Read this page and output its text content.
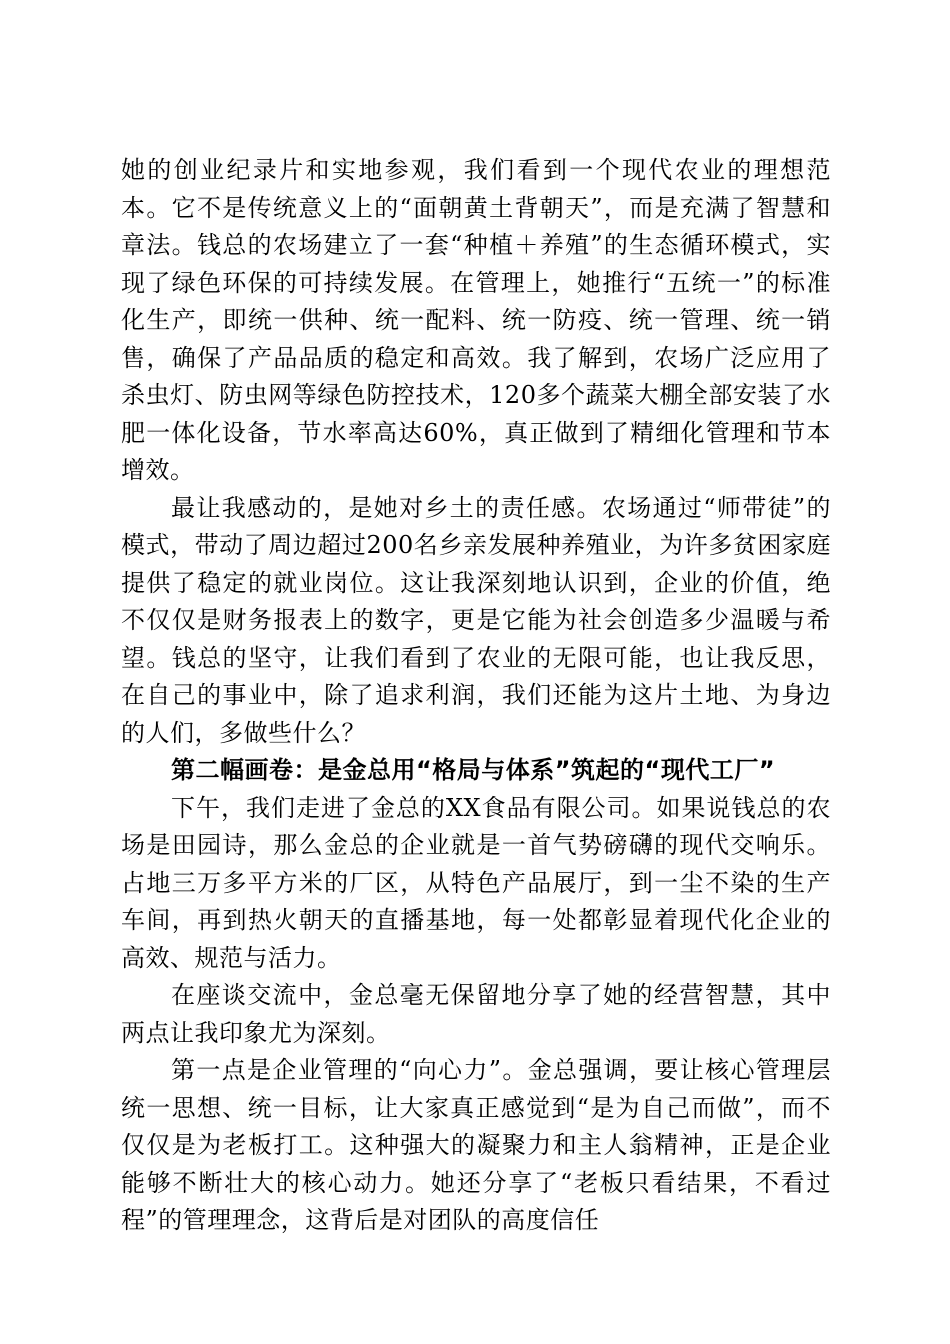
她的创业纪录片和实地参观，我们看到一个现代农业的理想范本。它不是传统意义上的“面朝黄土背朝天”，而是充满了智慧和章法。钱总的农场建立了一套“种植＋养殖”的生态循环模式，实现了绿色环保的可持续发展。在管理上，她推行“五统一”的标准化生产，即统一供种、统一配料、统一防疫、统一管理、统一销售，确保了产品品质的稳定和高效。我了解到，农场广泛应用了杀虫灯、防虫网等绿色防控技术，120多个蔬菜大棚全部安装了水肥一体化设备，节水率高达60%，真正做到了精细化管理和节本增效。

最让我感动的，是她对乡土的责任感。农场通过“师带徒”的模式，带动了周边超过200名乡亲发展种养殖业，为许多贫困家庭提供了稳定的就业岗位。这让我深刻地认识到，企业的价值，绝不仅仅是财务报表上的数字，更是它能为社会创造多少温暖与希望。钱总的坚守，让我们看到了农业的无限可能，也让我反思，在自己的事业中，除了追求利润，我们还能为这片土地、为身边的人们，多做些什么？

第二幅画卷：是金总用“格局与体系”筑起的“现代工厂”

下午，我们走进了金总的XX食品有限公司。如果说钱总的农场是田园诗，那么金总的企业就是一首气势磅礴的现代交响乐。占地三万多平方米的厂区，从特色产品展厅，到一尘不染的生产车间，再到热火朝天的直播基地，每一处都彰显着现代化企业的高效、规范与活力。

在座谈交流中，金总毫无保留地分享了她的经营智慧，其中两点让我印象尤为深刻。

第一点是企业管理的“向心力”。金总强调，要让核心管理层统一思想、统一目标，让大家真正感觉到“是为自己而做”，而不仅仅是为老板打工。这种强大的凝聚力和主人翁精神，正是企业能够不断壮大的核心动力。她还分享了“老板只看结果，不看过程”的管理理念，这背后是对团队的高度信任
